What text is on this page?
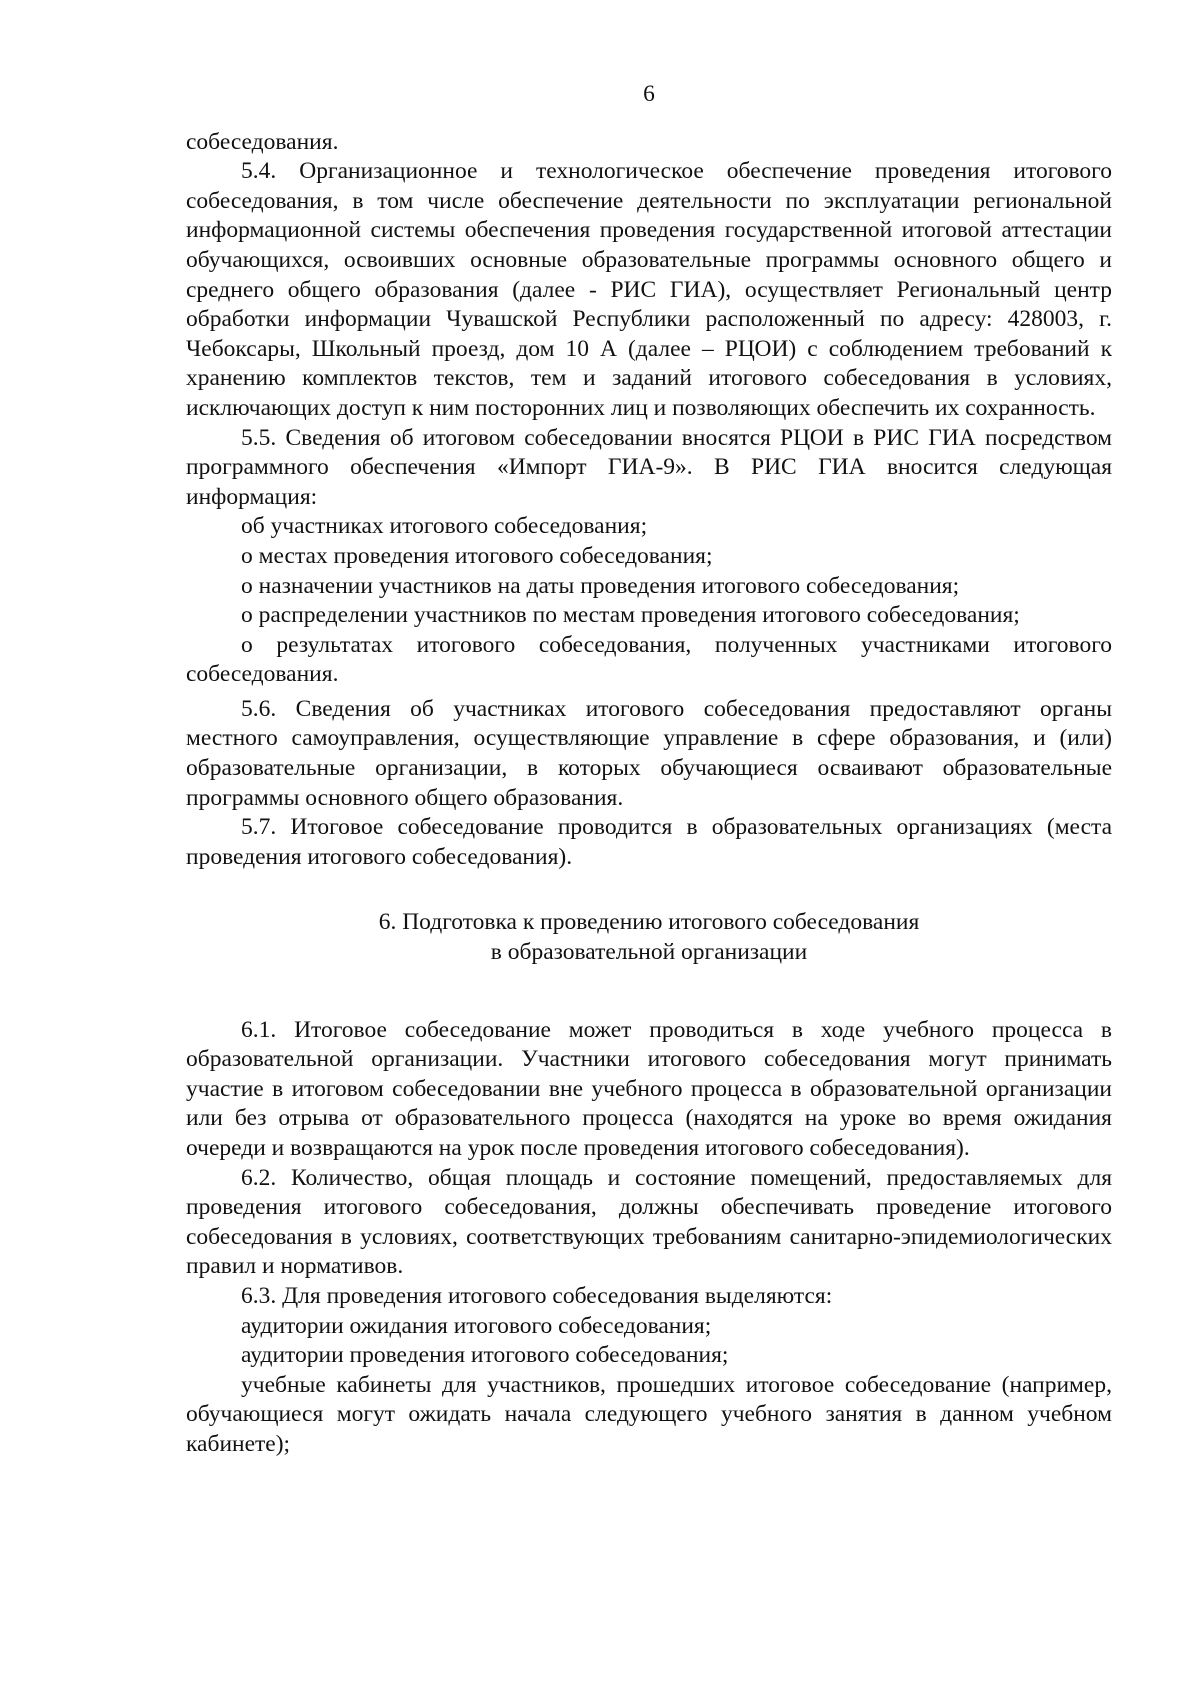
6

собеседования.

5.4. Организационное и технологическое обеспечение проведения итогового собеседования, в том числе обеспечение деятельности по эксплуатации региональной информационной системы обеспечения проведения государственной итоговой аттестации обучающихся, освоивших основные образовательные программы основного общего и среднего общего образования (далее - РИС ГИА), осуществляет Региональный центр обработки информации Чувашской Республики расположенный по адресу: 428003, г. Чебоксары, Школьный проезд, дом 10 А (далее – РЦОИ) с соблюдением требований к хранению комплектов текстов, тем и заданий итогового собеседования в условиях, исключающих доступ к ним посторонних лиц и позволяющих обеспечить их сохранность.

5.5. Сведения об итоговом собеседовании вносятся РЦОИ в РИС ГИА посредством программного обеспечения «Импорт ГИА-9». В РИС ГИА вносится следующая информация:

об участниках итогового собеседования;

о местах проведения итогового собеседования;

о назначении участников на даты проведения итогового собеседования;

о распределении участников по местам проведения итогового собеседования;

о результатах итогового собеседования, полученных участниками итогового собеседования.

5.6. Сведения об участниках итогового собеседования предоставляют органы местного самоуправления, осуществляющие управление в сфере образования, и (или) образовательные организации, в которых обучающиеся осваивают образовательные программы основного общего образования.

5.7. Итоговое собеседование проводится в образовательных организациях (места проведения итогового собеседования).

6. Подготовка к проведению итогового собеседования
в образовательной организации

6.1. Итоговое собеседование может проводиться в ходе учебного процесса в образовательной организации. Участники итогового собеседования могут принимать участие в итоговом собеседовании вне учебного процесса в образовательной организации или без отрыва от образовательного процесса (находятся на уроке во время ожидания очереди и возвращаются на урок после проведения итогового собеседования).

6.2. Количество, общая площадь и состояние помещений, предоставляемых для проведения итогового собеседования, должны обеспечивать проведение итогового собеседования в условиях, соответствующих требованиям санитарно-эпидемиологических правил и нормативов.

6.3. Для проведения итогового собеседования выделяются:

аудитории ожидания итогового собеседования;

аудитории проведения итогового собеседования;

учебные кабинеты для участников, прошедших итоговое собеседование (например, обучающиеся могут ожидать начала следующего учебного занятия в данном учебном кабинете);
